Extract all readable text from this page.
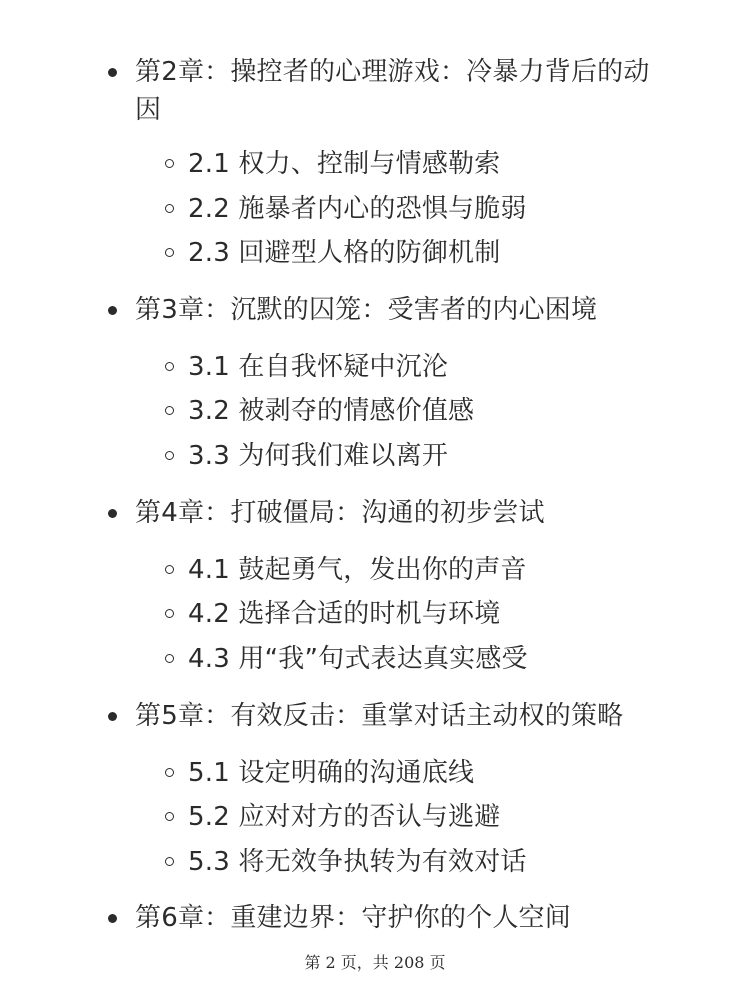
第2章：操控者的心理游戏：冷暴力背后的动因
2.1 权力、控制与情感勒索
2.2 施暴者内心的恐惧与脆弱
2.3 回避型人格的防御机制
第3章：沉默的囚笼：受害者的内心困境
3.1 在自我怀疑中沉沦
3.2 被剥夺的情感价值感
3.3 为何我们难以离开
第4章：打破僵局：沟通的初步尝试
4.1 鼓起勇气，发出你的声音
4.2 选择合适的时机与环境
4.3 用“我”句式表达真实感受
第5章：有效反击：重掌对话主动权的策略
5.1 设定明确的沟通底线
5.2 应对对方的否认与逃避
5.3 将无效争执转为有效对话
第6章：重建边界：守护你的个人空间
第 2 页，共 208 页
